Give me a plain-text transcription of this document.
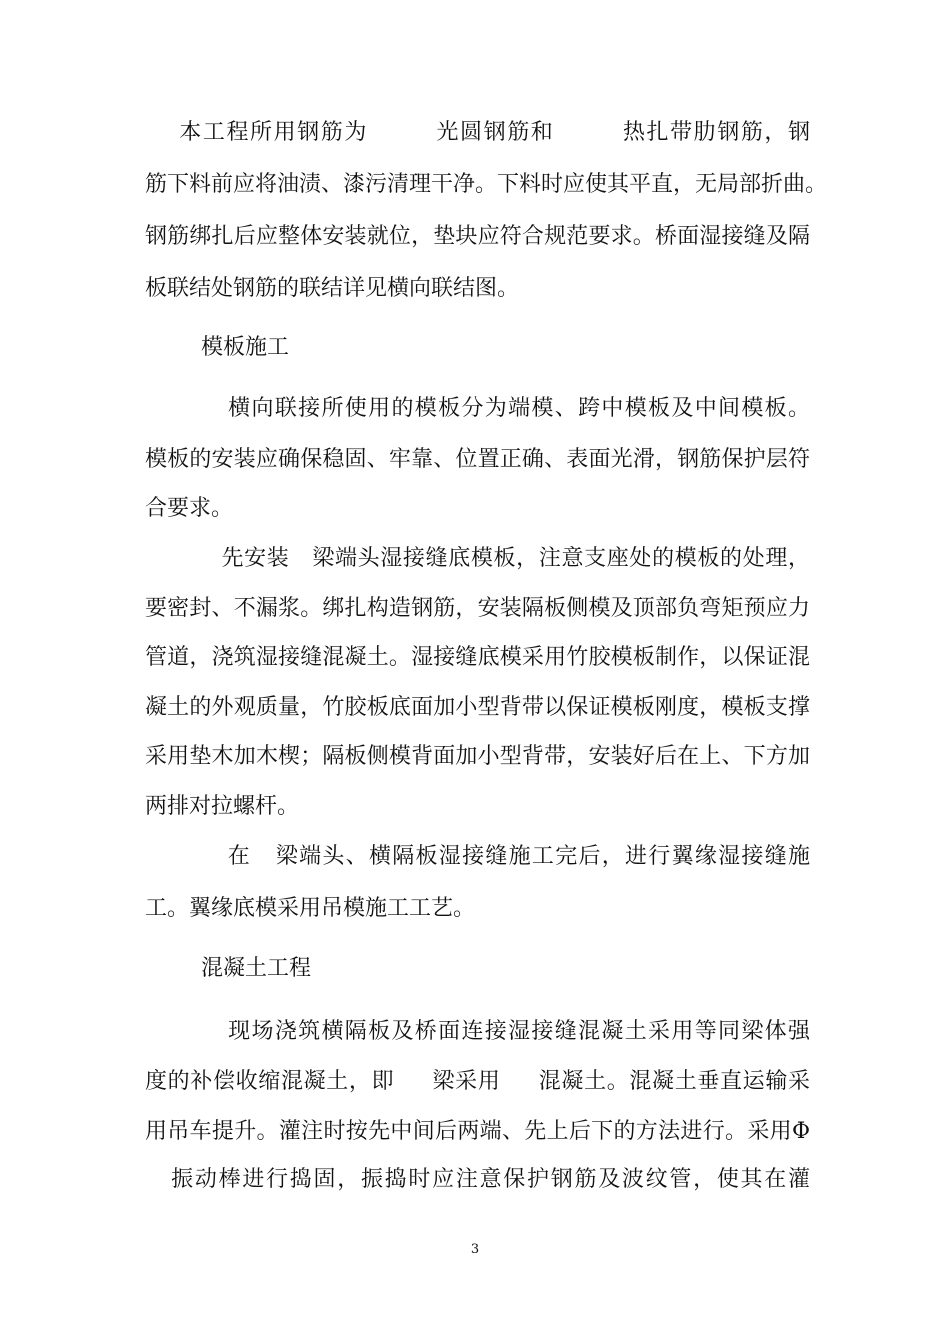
本工程所用钢筋为        光圆钢筋和        热扎带肋钢筋，钢
筋下料前应将油渍、漆污清理干净。下料时应使其平直，无局部折曲。
钢筋绑扎后应整体安装就位，垫块应符合规范要求。桥面湿接缝及隔
板联结处钢筋的联结详见横向联结图。
模板施工
横向联接所使用的模板分为端模、跨中模板及中间模板。
模板的安装应确保稳固、牢靠、位置正确、表面光滑，钢筋保护层符
合要求。
先安装   梁端头湿接缝底模板，注意支座处的模板的处理，
要密封、不漏浆。绑扎构造钢筋，安装隔板侧模及顶部负弯矩预应力
管道，浇筑湿接缝混凝土。湿接缝底模采用竹胶模板制作，以保证混
凝土的外观质量，竹胶板底面加小型背带以保证模板刚度，模板支撑
采用垫木加木楔；隔板侧模背面加小型背带，安装好后在上、下方加
两排对拉螺杆。
在   梁端头、横隔板湿接缝施工完后，进行翼缘湿接缝施
工。翼缘底模采用吊模施工工艺。
混凝土工程
现场浇筑横隔板及桥面连接湿接缝混凝土采用等同梁体强
度的补偿收缩混凝土，即     梁采用     混凝土。混凝土垂直运输采
用吊车提升。灌注时按先中间后两端、先上后下的方法进行。采用Φ
振动棒进行捣固，振捣时应注意保护钢筋及波纹管，使其在灌
3
